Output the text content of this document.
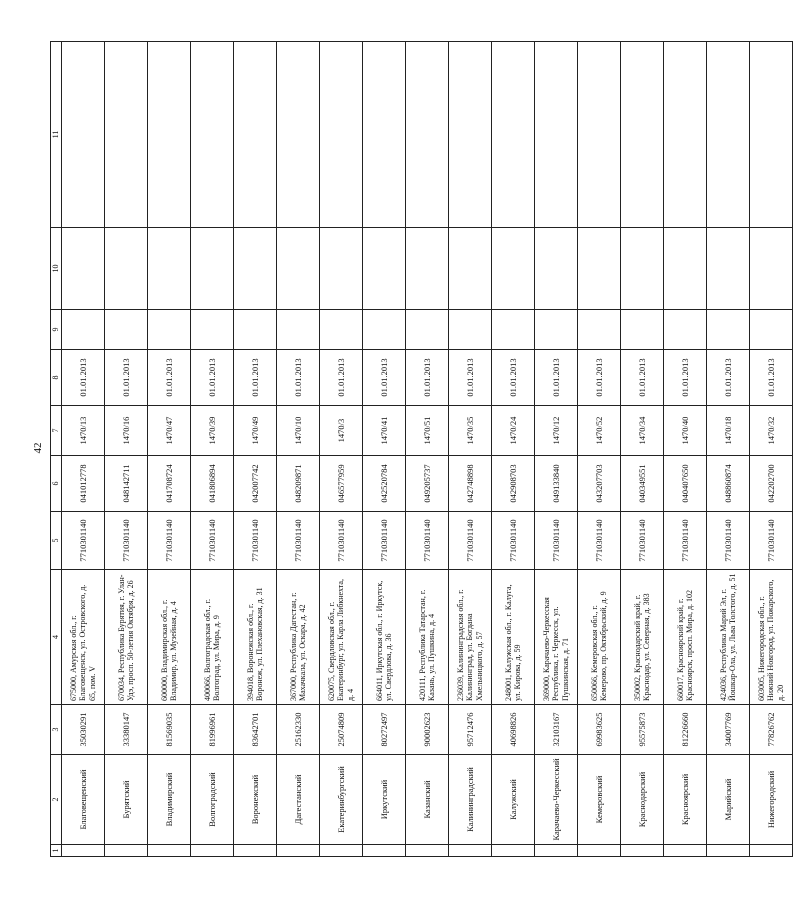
42
1	2	3	4	5	6	7	8	9	10	11
	Благовещенский	35030291	675000, Амурская обл., г. Благовещенск, ул. Островского, д. 65, пом. V	7710301140	041012778	1470/13	01.01.2013			
	Бурятский	33380147	670034, Республика Бурятия, г. Улан-Удэ, просп. 50-летия Октября, д. 26	7710301140	048142711	1470/16	01.01.2013			
	Владимирский	81569035	600000, Владимирская обл., г. Владимир, ул. Музейная, д. 4	7710301140	041708724	1470/47	01.01.2013			
	Волгоградский	81996961	400066, Волгоградская обл., г. Волгоград, ул. Мира, д. 9	7710301140	041806894	1470/39	01.01.2013			
	Воронежский	83642701	394018, Воронежская обл., г. Воронеж, ул. Плехановская, д. 31	7710301140	042007742	1470/49	01.01.2013			
	Дагестанский	25162330	367000, Республика Дагестан, г. Махачкала, ул. Оскара, д. 42	7710301140	048209871	1470/10	01.01.2013			
	Екатеринбургский	25074809	620075, Свердловская обл., г. Екатеринбург, ул. Карла Либкнехта, д. 4	7710301140	046577959	1470/3	01.01.2013			
	Иркутский	80272497	664011, Иркутская обл., г. Иркутск, ул. Свердлова, д. 36	7710301140	042520784	1470/41	01.01.2013			
	Казанский	90002623	420111, Республика Татарстан, г. Казань, ул. Пушкина, д. 4	7710301140	049205737	1470/51	01.01.2013			
	Калининградский	95712476	236039, Калининградская обл., г. Калининград, ул. Богдана Хмельницкого, д. 57	7710301140	042748898	1470/35	01.01.2013			
	Калужский	40698826	248001, Калужская обл., г. Калуга, ул. Кирова, д. 59	7710301140	042908703	1470/24	01.01.2013			
	Карачаево-Черкесский	32103167	369000, Карачаево-Черкесская Республика, г. Черкесск, ул. Пушкинская, д. 71	7710301140	049133840	1470/12	01.01.2013			
	Кемеровский	69983625	650066, Кемеровская обл., г. Кемерово, пр. Октябрьский, д. 9	7710301140	043207703	1470/52	01.01.2013			
	Краснодарский	95575873	350002, Краснодарский край, г. Краснодар, ул. Северная, д. 383	7710301140	040349551	1470/34	01.01.2013			
	Красноярский	81226660	660017, Красноярский край, г. Красноярск, просп. Мира, д. 102	7710301140	040407650	1470/40	01.01.2013			
	Марийский	34007769	424036, Республика Марий Эл, г. Йошкар-Ола, ул. Льва Толстого, д. 51	7710301140	048860874	1470/18	01.01.2013			
	Нижегородский	77826762	603005, Нижегородская обл., г. Нижний Новгород, ул. Пожарского, д. 20	7710301140	042202700	1470/32	01.01.2013			
